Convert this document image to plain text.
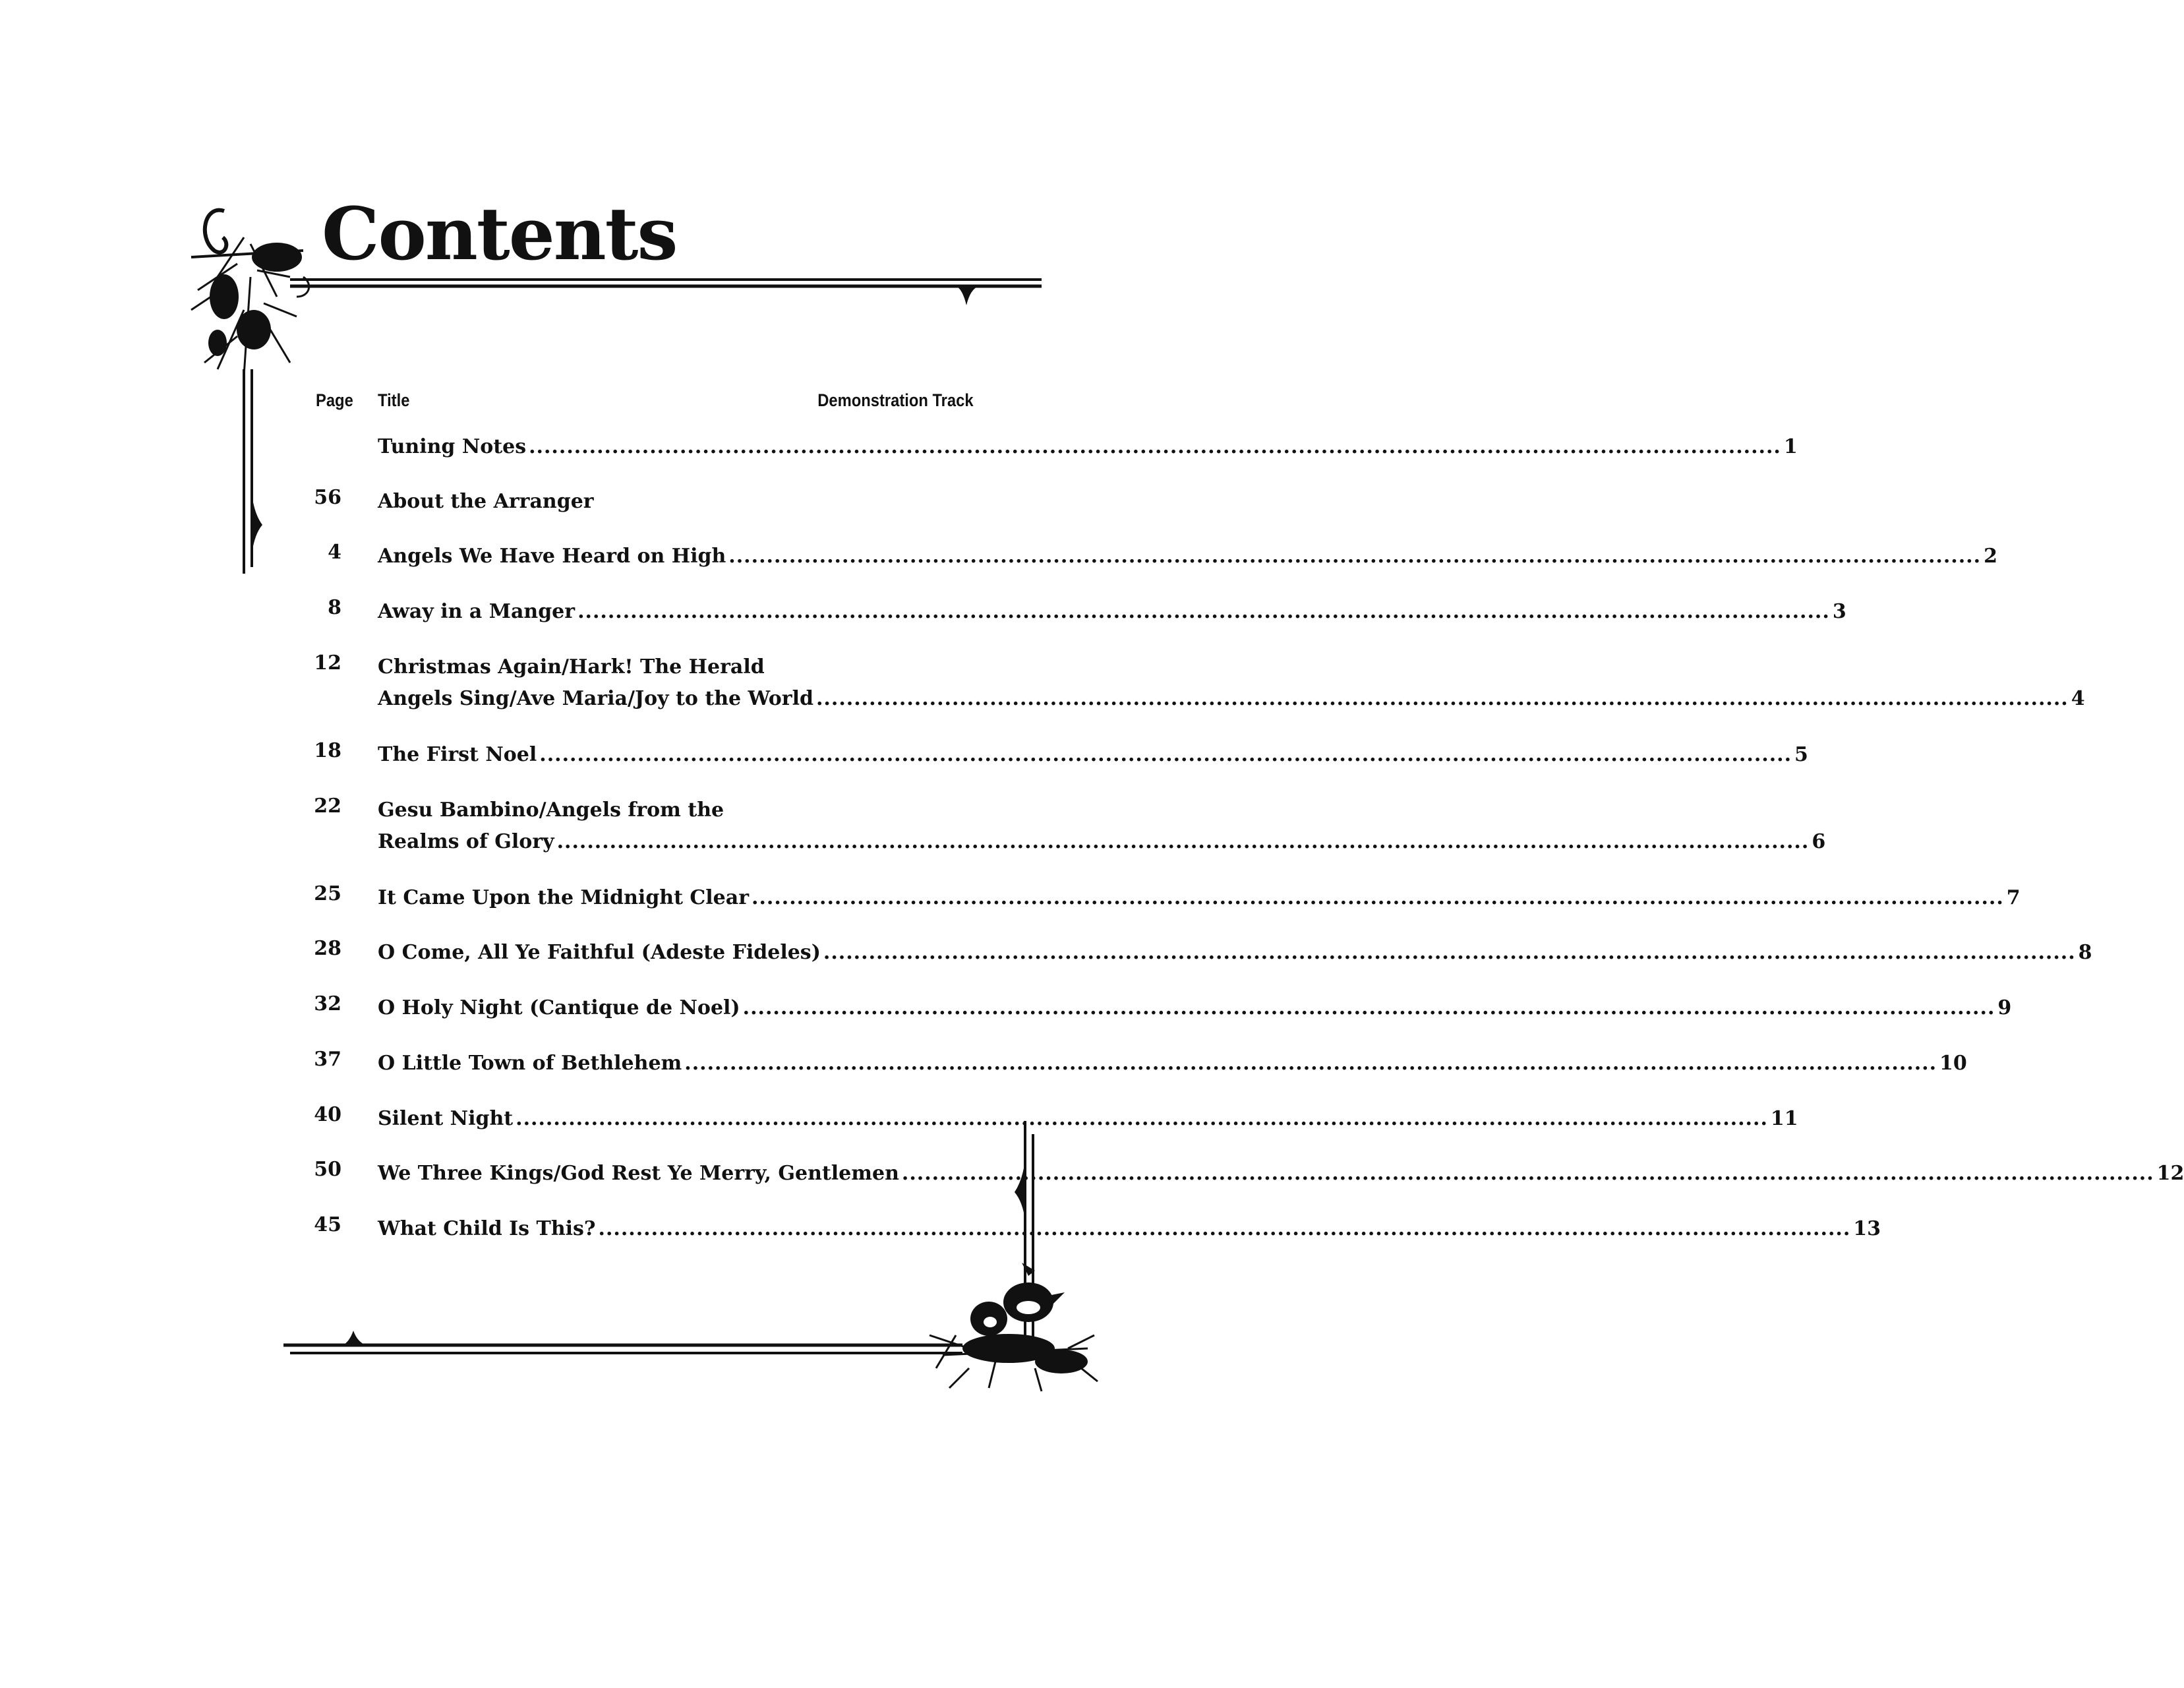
Contents
Page Title	Demonstration Track
Tuning Notes ...................................................................................................................................................................... 1
56 About the Arranger
4 Angels We Have Heard on High ...................................................................................................................................................................... 2
8 Away in a Manger ...................................................................................................................................................................... 3
12 Christmas Again/Hark! The Herald
Angels Sing/Ave Maria/Joy to the World ...................................................................................................................................................................... 4
18 The First Noel ...................................................................................................................................................................... 5
22 Gesu Bambino/Angels from the
Realms of Glory ...................................................................................................................................................................... 6
25 It Came Upon the Midnight Clear ...................................................................................................................................................................... 7
28 O Come, All Ye Faithful (Adeste Fideles) ...................................................................................................................................................................... 8
32 O Holy Night (Cantique de Noel) ...................................................................................................................................................................... 9
37 O Little Town of Bethlehem ...................................................................................................................................................................... 10
40 Silent Night ...................................................................................................................................................................... 11
50 We Three Kings/God Rest Ye Merry, Gentlemen ...................................................................................................................................................................... 12
45 What Child Is This? ...................................................................................................................................................................... 13
